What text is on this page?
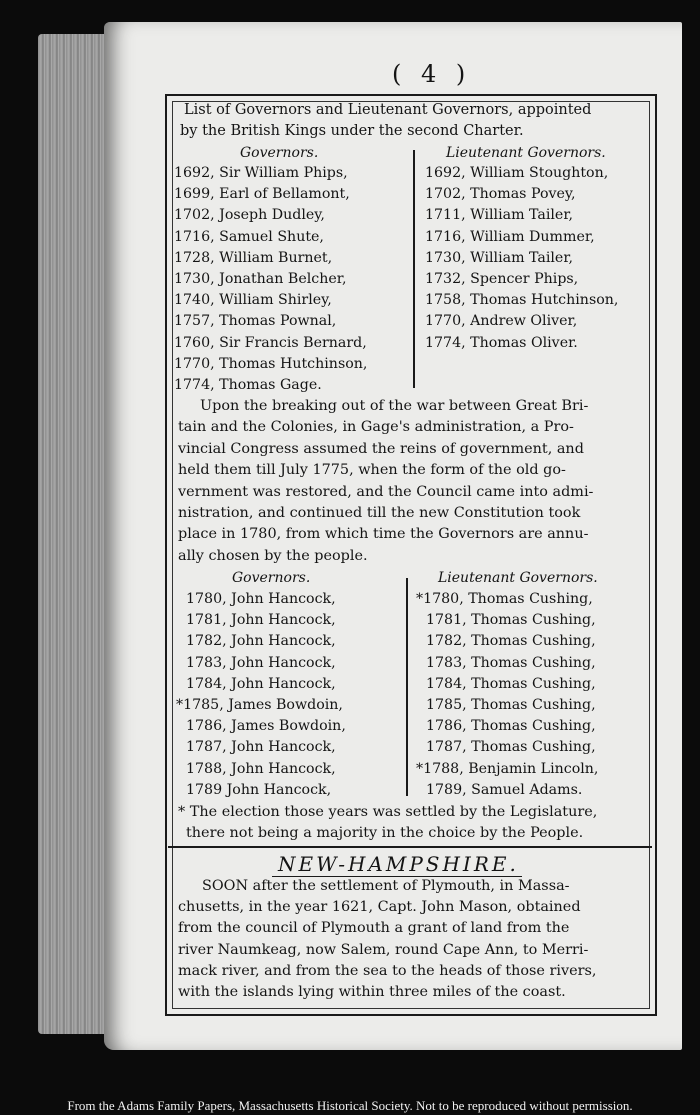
( 4 )
List of Governors and Lieutenant Governors, appointed
by the British Kings under the second Charter.
Governors.	Lieutenant Governors.
1692, Sir William Phips,
1699, Earl of Bellamont,
1702, Joseph Dudley,
1716, Samuel Shute,
1728, William Burnet,
1730, Jonathan Belcher,
1740, William Shirley,
1757, Thomas Pownal,
1760, Sir Francis Bernard,
1770, Thomas Hutchinson,
1774, Thomas Gage.
1692, William Stoughton,
1702, Thomas Povey,
1711, William Tailer,
1716, William Dummer,
1730, William Tailer,
1732, Spencer Phips,
1758, Thomas Hutchinson,
1770, Andrew Oliver,
1774, Thomas Oliver.
Upon the breaking out of the war between Great Bri-
tain and the Colonies, in Gage's administration, a Pro-
vincial Congress assumed the reins of government, and
held them till July 1775, when the form of the old go-
vernment was restored, and the Council came into admi-
nistration, and continued till the new Constitution took
place in 1780, from which time the Governors are annu-
ally chosen by the people.
Governors.	Lieutenant Governors.
1780, John Hancock,
1781, John Hancock,
1782, John Hancock,
1783, John Hancock,
1784, John Hancock,
*1785, James Bowdoin,
1786, James Bowdoin,
1787, John Hancock,
1788, John Hancock,
1789 John Hancock,
*1780, Thomas Cushing,
1781, Thomas Cushing,
1782, Thomas Cushing,
1783, Thomas Cushing,
1784, Thomas Cushing,
1785, Thomas Cushing,
1786, Thomas Cushing,
1787, Thomas Cushing,
*1788, Benjamin Lincoln,
1789, Samuel Adams.
* The election those years was settled by the Legislature,
there not being a majority in the choice by the People.
NEW-HAMPSHIRE.
SOON after the settlement of Plymouth, in Massa-
chusetts, in the year 1621, Capt. John Mason, obtained
from the council of Plymouth a grant of land from the
river Naumkeag, now Salem, round Cape Ann, to Merri-
mack river, and from the sea to the heads of those rivers,
with the islands lying within three miles of the coast.
From the Adams Family Papers, Massachusetts Historical Society. Not to be reproduced without permission.
